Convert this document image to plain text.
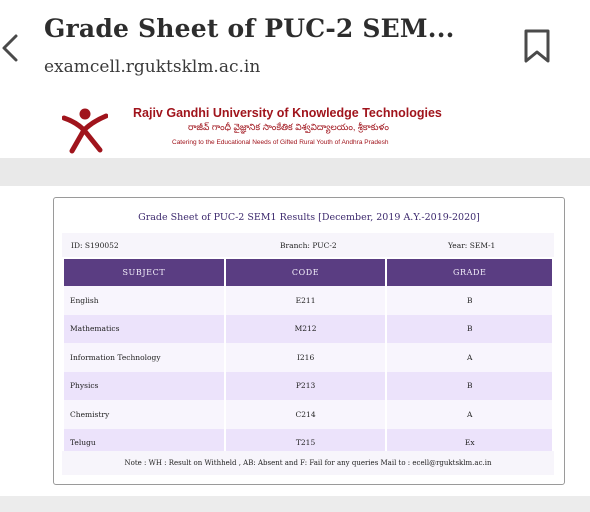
Grade Sheet of PUC-2 SEM...
examcell.rguktsklm.ac.in
Rajiv Gandhi University of Knowledge Technologies
రాజీవ్ గాంధీ వైజ్ఞానిక సాంకేతిక విశ్వవిద్యాలయం, శ్రీకాకుళం
Catering to the Educational Needs of Gifted Rural Youth of Andhra Pradesh
Grade Sheet of PUC-2 SEM1 Results [December, 2019 A.Y.-2019-2020]
ID: S190052	Branch: PUC-2	Year: SEM-1
SUBJECT	CODE	GRADE
English	E211	B
Mathematics	M212	B
Information Technology	I216	A
Physics	P213	B
Chemistry	C214	A
Telugu	T215	Ex
Note : WH : Result on Withheld , AB: Absent and F: Fail for any queries Mail to : ecell@rguktsklm.ac.in
